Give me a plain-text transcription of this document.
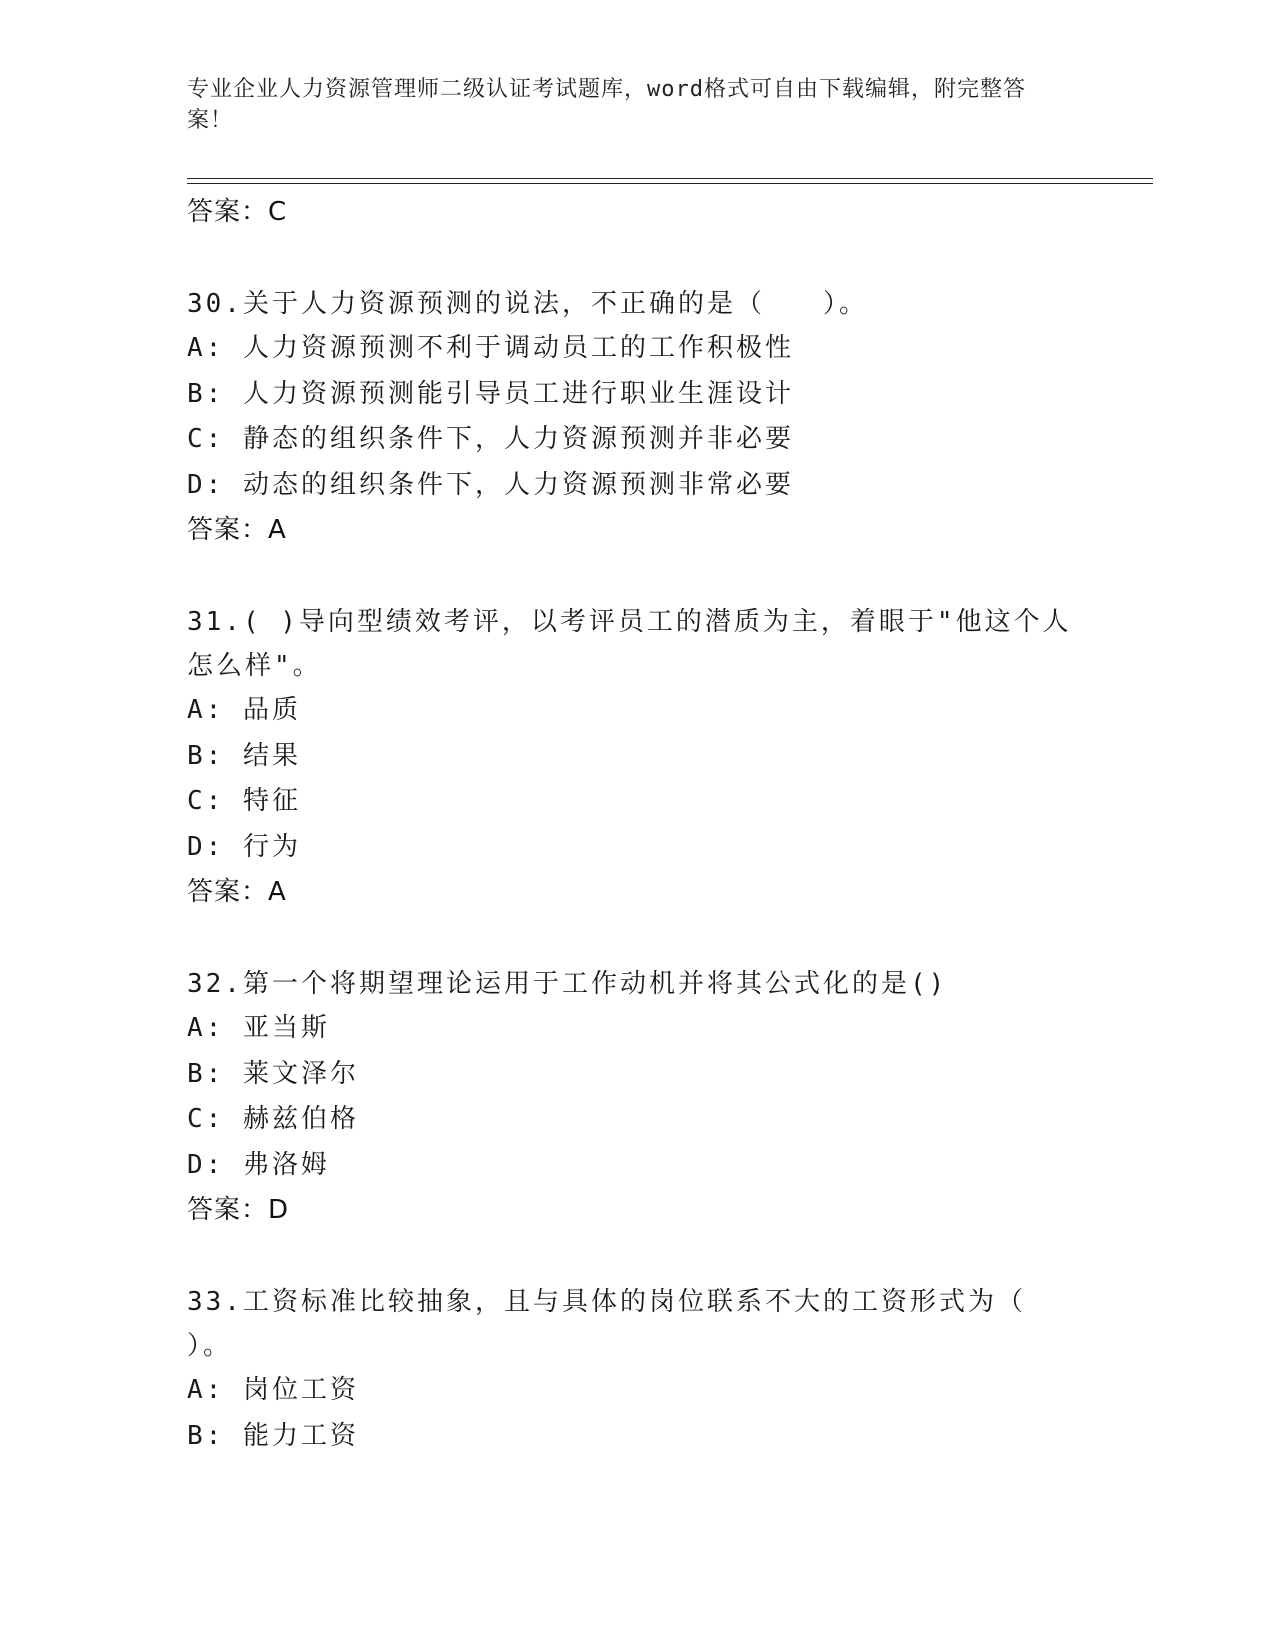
专业企业人力资源管理师二级认证考试题库，word格式可自由下载编辑，附完整答案！
答案：C
30.关于人力资源预测的说法，不正确的是（　　）。
A: 人力资源预测不利于调动员工的工作积极性
B: 人力资源预测能引导员工进行职业生涯设计
C: 静态的组织条件下，人力资源预测并非必要
D: 动态的组织条件下，人力资源预测非常必要
答案：A
31.( )导向型绩效考评，以考评员工的潜质为主，着眼于"他这个人怎么样"。
A: 品质
B: 结果
C: 特征
D: 行为
答案：A
32.第一个将期望理论运用于工作动机并将其公式化的是()
A: 亚当斯
B: 莱文泽尔
C: 赫兹伯格
D: 弗洛姆
答案：D
33.工资标准比较抽象，且与具体的岗位联系不大的工资形式为（ ）。
A: 岗位工资
B: 能力工资
